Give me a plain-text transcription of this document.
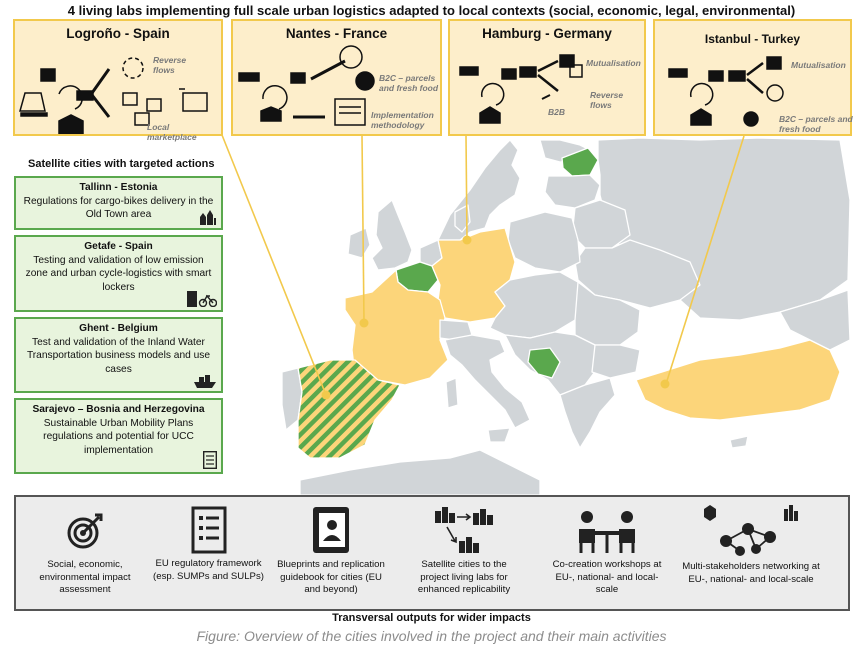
4 living labs implementing full scale urban logistics adapted to local contexts (social, economic, legal, environmental)
Logroño - Spain
Reverse flows
Local marketplace
Nantes - France
B2C – parcels and fresh food
Implementation methodology
Hamburg - Germany
Mutualisation
Reverse flows
B2B
Istanbul - Turkey
Mutualisation
B2C – parcels and fresh food
Satellite cities with targeted actions
Tallinn - Estonia
Regulations for cargo-bikes delivery in the Old Town area
Getafe - Spain
Testing and validation of low emission zone and urban cycle-logistics with smart lockers
Ghent - Belgium
Test and validation of the Inland Water Transportation business models and use cases
Sarajevo – Bosnia and Herzegovina
Sustainable Urban Mobility Plans regulations and potential for UCC implementation
Social, economic, environmental impact assessment
EU regulatory framework (esp. SUMPs and SULPs)
Blueprints and replication guidebook for cities (EU and beyond)
Satellite cities to the project living labs for enhanced replicability
Co-creation workshops at EU-, national- and local-scale
Multi-stakeholders networking at EU-, national- and local-scale
Transversal outputs for wider impacts
Figure: Overview of the cities involved in the project and their main activities
